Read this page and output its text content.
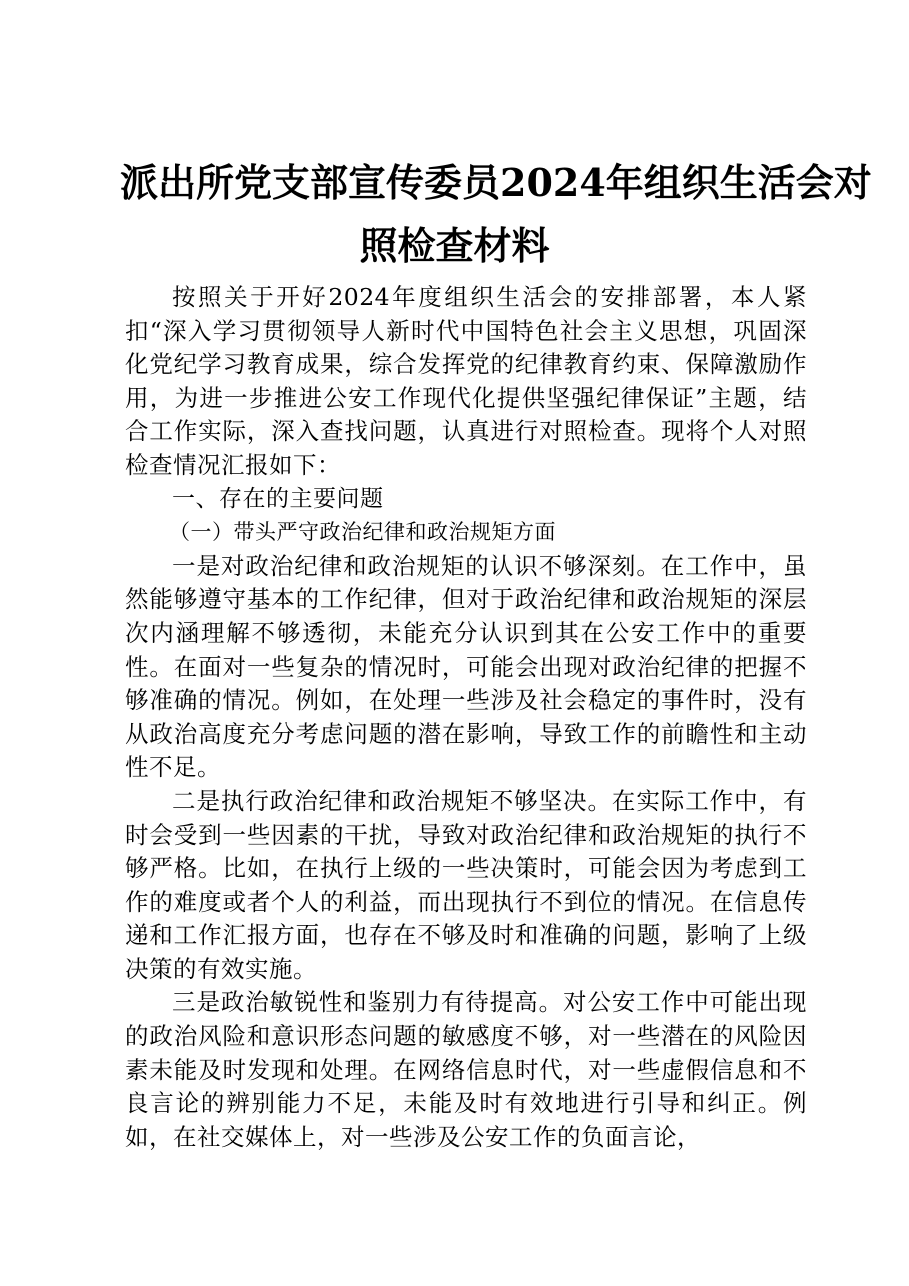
派出所党支部宣传委员2024年组织生活会对
照检查材料

按照关于开好2024年度组织生活会的安排部署，本人紧扣“深入学习贯彻领导人新时代中国特色社会主义思想，巩固深化党纪学习教育成果，综合发挥党的纪律教育约束、保障激励作用，为进一步推进公安工作现代化提供坚强纪律保证”主题，结合工作实际，深入查找问题，认真进行对照检查。现将个人对照检查情况汇报如下：

一、存在的主要问题

（一）带头严守政治纪律和政治规矩方面

一是对政治纪律和政治规矩的认识不够深刻。在工作中，虽然能够遵守基本的工作纪律，但对于政治纪律和政治规矩的深层次内涵理解不够透彻，未能充分认识到其在公安工作中的重要性。在面对一些复杂的情况时，可能会出现对政治纪律的把握不够准确的情况。例如，在处理一些涉及社会稳定的事件时，没有从政治高度充分考虑问题的潜在影响，导致工作的前瞻性和主动性不足。

二是执行政治纪律和政治规矩不够坚决。在实际工作中，有时会受到一些因素的干扰，导致对政治纪律和政治规矩的执行不够严格。比如，在执行上级的一些决策时，可能会因为考虑到工作的难度或者个人的利益，而出现执行不到位的情况。在信息传递和工作汇报方面，也存在不够及时和准确的问题，影响了上级决策的有效实施。

三是政治敏锐性和鉴别力有待提高。对公安工作中可能出现的政治风险和意识形态问题的敏感度不够，对一些潜在的风险因素未能及时发现和处理。在网络信息时代，对一些虚假信息和不良言论的辨别能力不足，未能及时有效地进行引导和纠正。例如，在社交媒体上，对一些涉及公安工作的负面言论，
